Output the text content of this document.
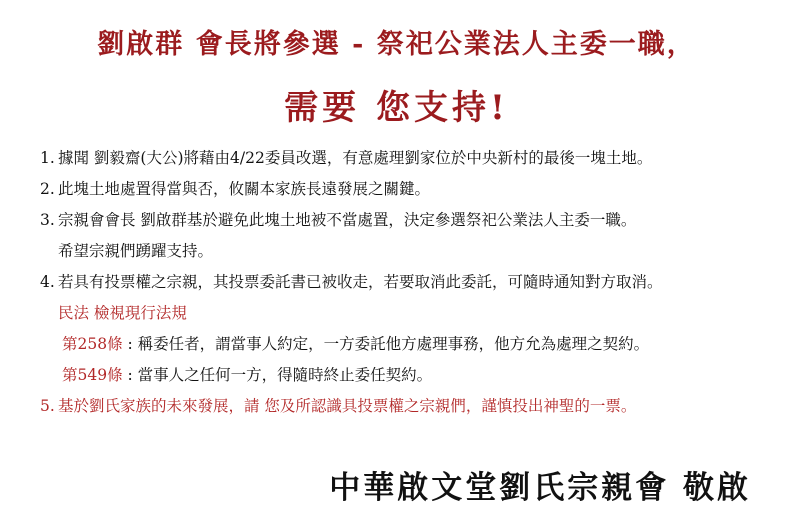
劉啟群 會長將參選 - 祭祀公業法人主委一職，
需要 您支持!
1. 據聞 劉毅齋(大公)將藉由4/22委員改選，有意處理劉家位於中央新村的最後一塊土地。
2. 此塊土地處置得當與否，攸關本家族長遠發展之關鍵。
3. 宗親會會長 劉啟群基於避免此塊土地被不當處置，決定參選祭祀公業法人主委一職。
希望宗親們踴躍支持。
4. 若具有投票權之宗親，其投票委託書已被收走，若要取消此委託，可隨時通知對方取消。
民法 檢視現行法規
第258條 : 稱委任者，謂當事人約定，一方委託他方處理事務，他方允為處理之契約。
第549條 : 當事人之任何一方，得隨時終止委任契約。
5. 基於劉氏家族的未來發展，請 您及所認識具投票權之宗親們，謹慎投出神聖的一票。
中華啟文堂劉氏宗親會 敬啟
